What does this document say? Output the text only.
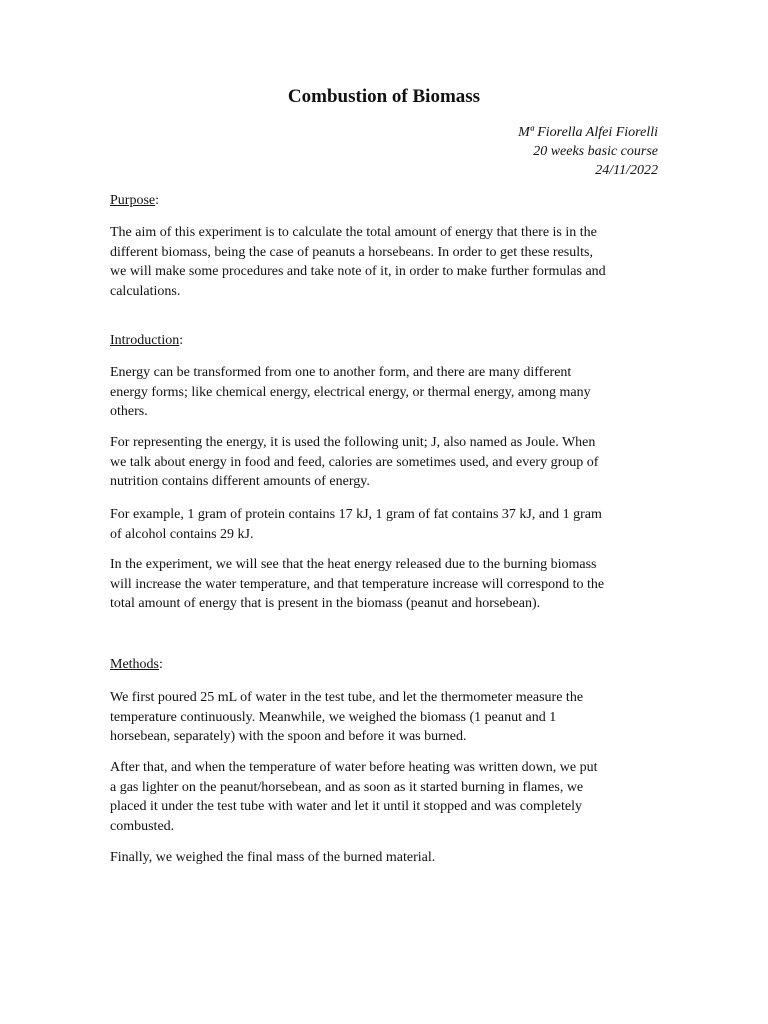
Combustion of Biomass
Mª Fiorella Alfei Fiorelli
20 weeks basic course
24/11/2022

Purpose:

The aim of this experiment is to calculate the total amount of energy that there is in the
different biomass, being the case of peanuts a horsebeans. In order to get these results,
we will make some procedures and take note of it, in order to make further formulas and
calculations.

Introduction:

Energy can be transformed from one to another form, and there are many different
energy forms; like chemical energy, electrical energy, or thermal energy, among many
others.
For representing the energy, it is used the following unit; J, also named as Joule. When
we talk about energy in food and feed, calories are sometimes used, and every group of
nutrition contains different amounts of energy.
For example, 1 gram of protein contains 17 kJ, 1 gram of fat contains 37 kJ, and 1 gram
of alcohol contains 29 kJ.
In the experiment, we will see that the heat energy released due to the burning biomass
will increase the water temperature, and that temperature increase will correspond to the
total amount of energy that is present in the biomass (peanut and horsebean).

Methods:

We first poured 25 mL of water in the test tube, and let the thermometer measure the
temperature continuously. Meanwhile, we weighed the biomass (1 peanut and 1
horsebean, separately) with the spoon and before it was burned.
After that, and when the temperature of water before heating was written down, we put
a gas lighter on the peanut/horsebean, and as soon as it started burning in flames, we
placed it under the test tube with water and let it until it stopped and was completely
combusted.
Finally, we weighed the final mass of the burned material.
